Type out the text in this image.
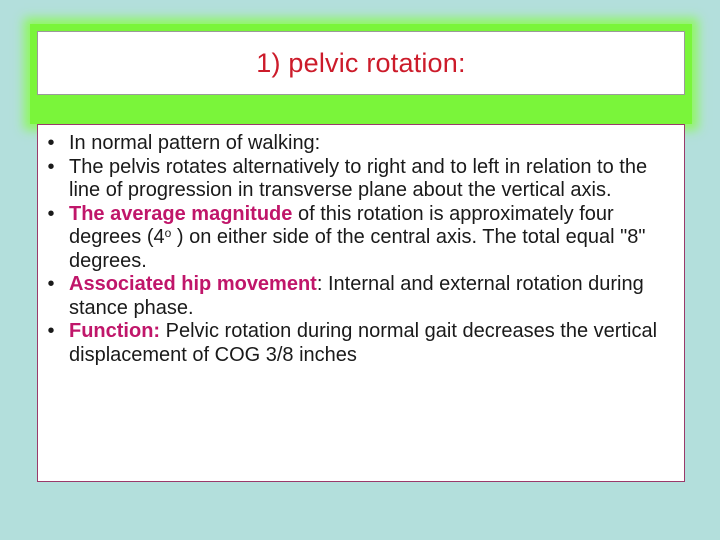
1) pelvic rotation:
• In normal pattern of walking:
• The pelvis rotates alternatively to right and to left in relation to the line of progression in transverse plane about the vertical axis.
• The average magnitude of this rotation is approximately four degrees (4$^o$ ) on either side of the central axis. The total equal "8" degrees.
• Associated hip movement: Internal and external rotation during stance phase.
• Function: Pelvic rotation during normal gait decreases the vertical displacement of COG 3/8 inches
